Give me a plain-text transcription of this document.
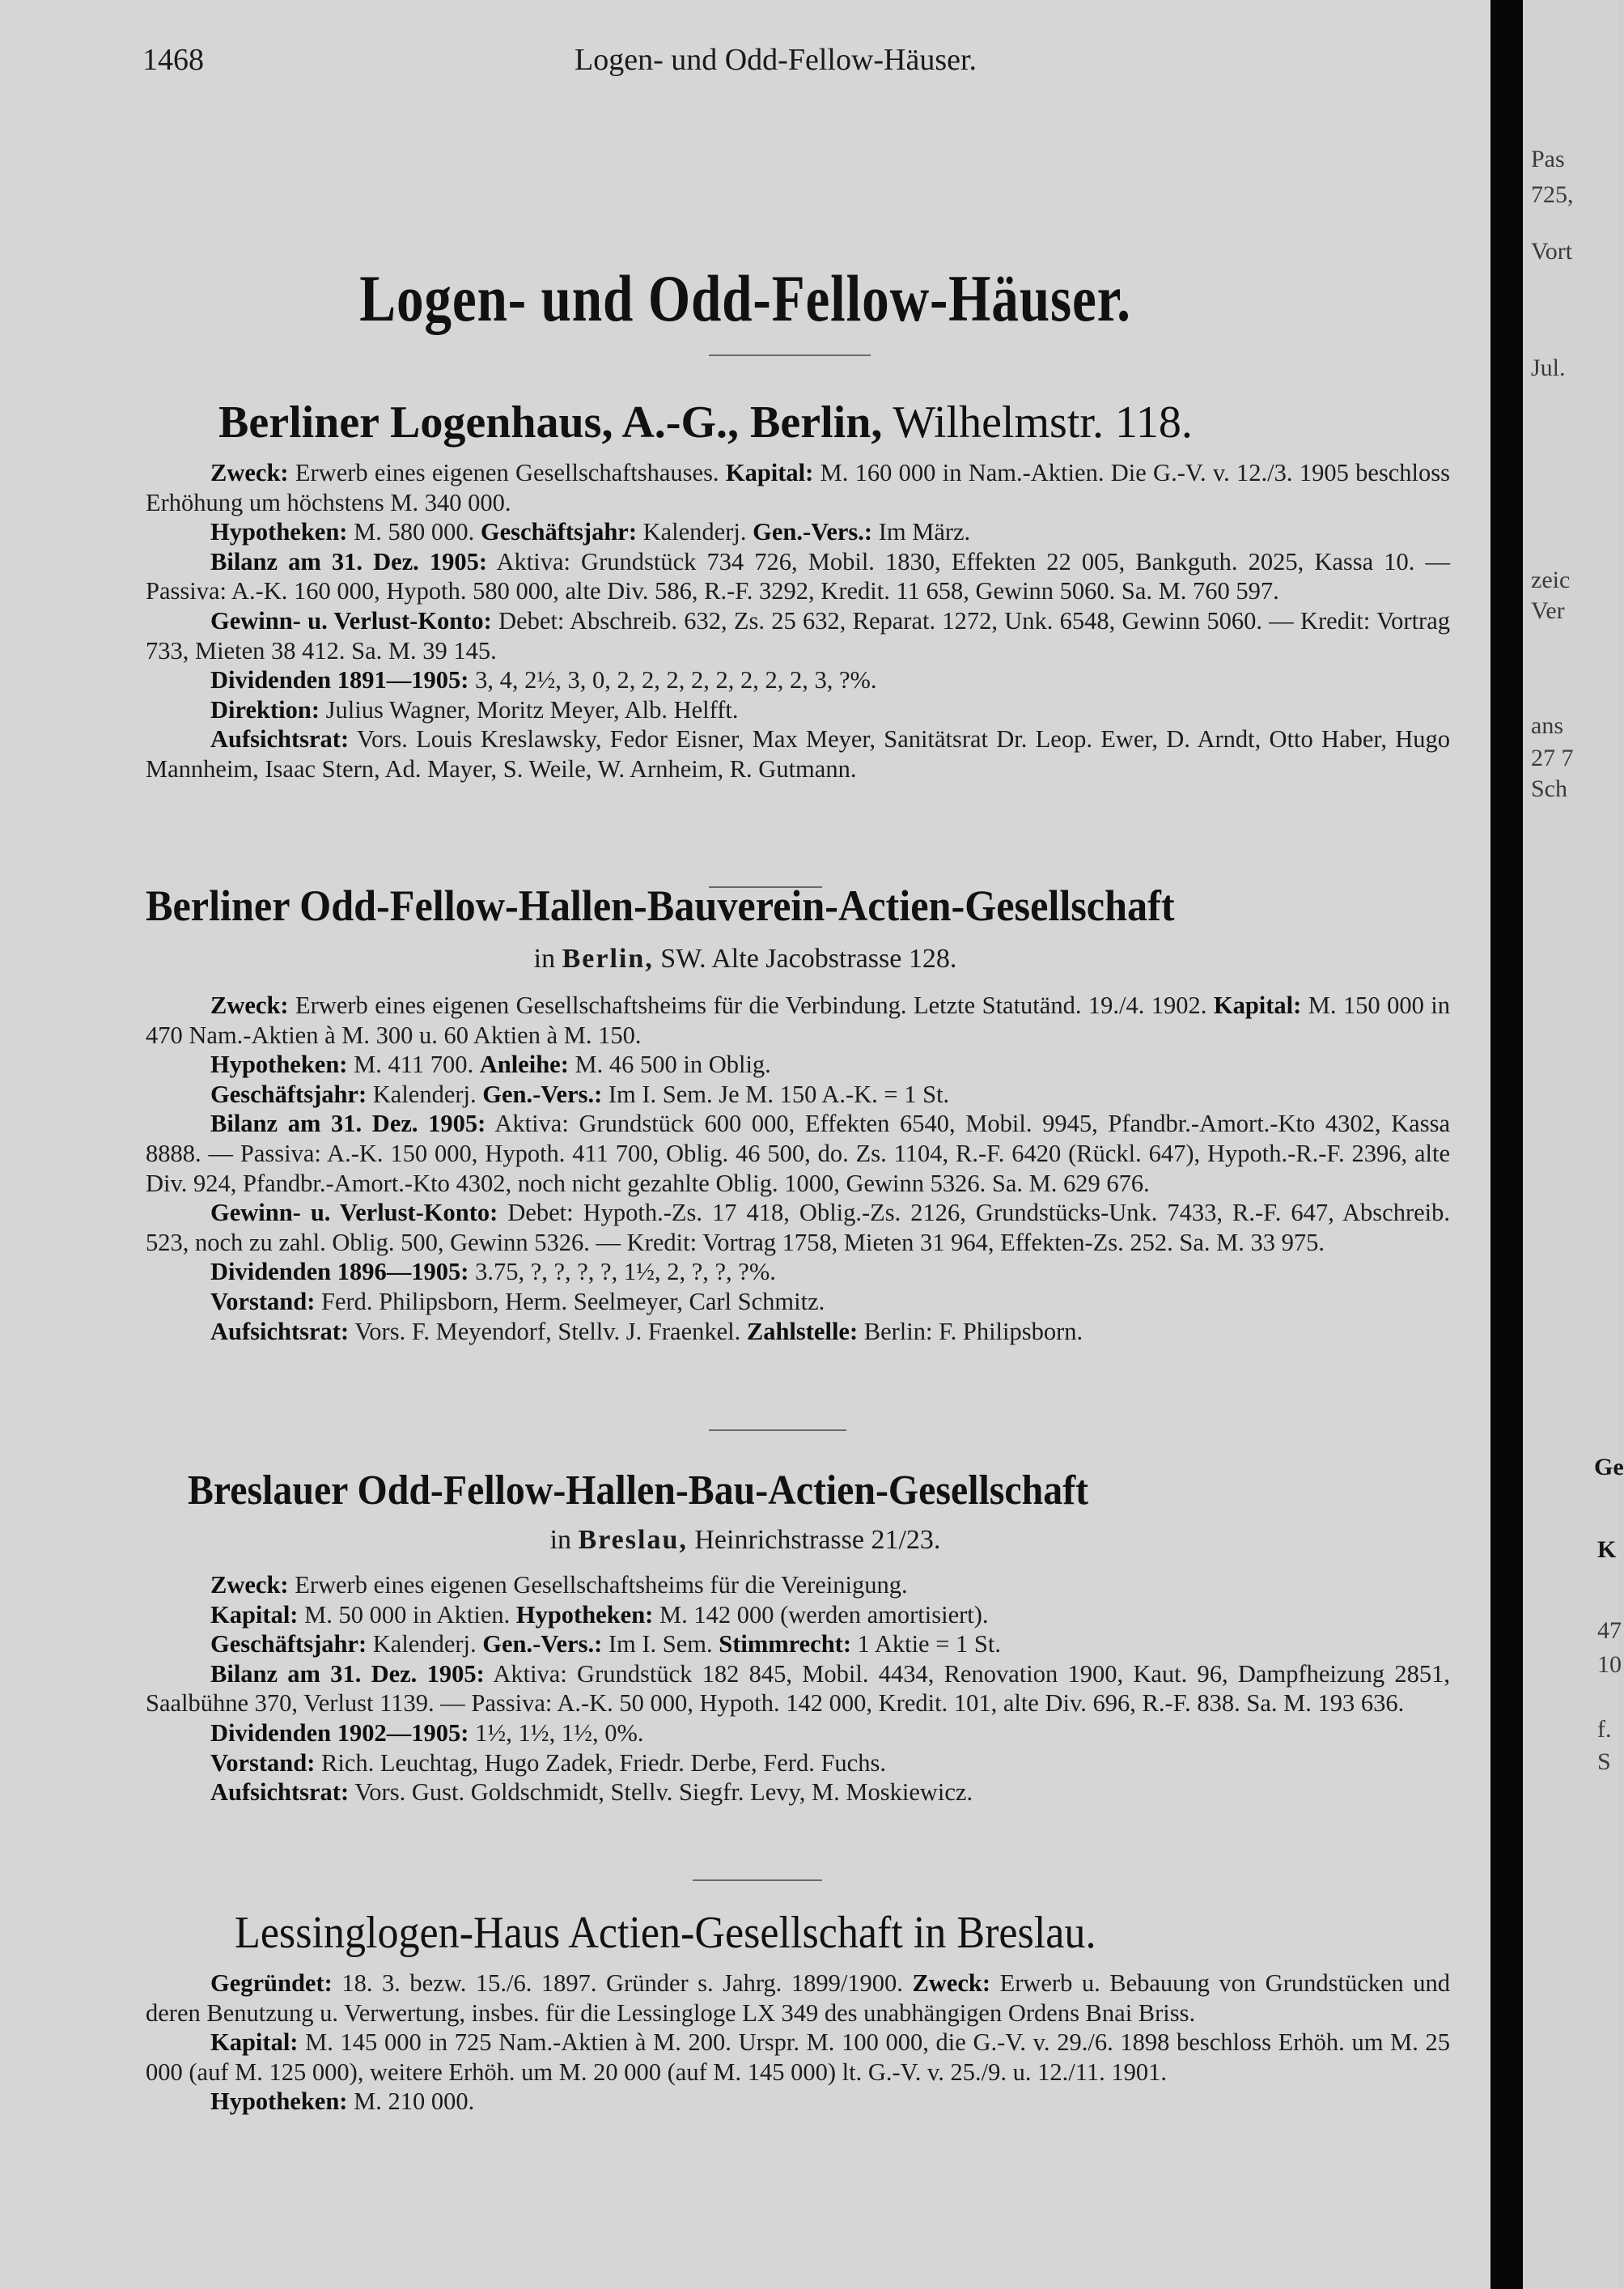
1468	Logen- und Odd-Fellow-Häuser.
Logen- und Odd-Fellow-Häuser.
Berliner Logenhaus, A.-G., Berlin, Wilhelmstr. 118.

Zweck: Erwerb eines eigenen Gesellschaftshauses. Kapital: M. 160 000 in Nam.-Aktien. Die G.-V. v. 12./3. 1905 beschloss Erhöhung um höchstens M. 340 000.

Hypotheken: M. 580 000. Geschäftsjahr: Kalenderj. Gen.-Vers.: Im März.

Bilanz am 31. Dez. 1905: Aktiva: Grundstück 734 726, Mobil. 1830, Effekten 22 005, Bankguth. 2025, Kassa 10. — Passiva: A.-K. 160 000, Hypoth. 580 000, alte Div. 586, R.-F. 3292, Kredit. 11 658, Gewinn 5060. Sa. M. 760 597.

Gewinn- u. Verlust-Konto: Debet: Abschreib. 632, Zs. 25 632, Reparat. 1272, Unk. 6548, Gewinn 5060. — Kredit: Vortrag 733, Mieten 38 412. Sa. M. 39 145.

Dividenden 1891—1905: 3, 4, 2½, 3, 0, 2, 2, 2, 2, 2, 2, 2, 2, 3, ?%.

Direktion: Julius Wagner, Moritz Meyer, Alb. Helfft.

Aufsichtsrat: Vors. Louis Kreslawsky, Fedor Eisner, Max Meyer, Sanitätsrat Dr. Leop. Ewer, D. Arndt, Otto Haber, Hugo Mannheim, Isaac Stern, Ad. Mayer, S. Weile, W. Arnheim, R. Gutmann.

Berliner Odd-Fellow-Hallen-Bauverein-Actien-Gesellschaft
in Berlin, SW. Alte Jacobstrasse 128.

Zweck: Erwerb eines eigenen Gesellschaftsheims für die Verbindung. Letzte Statutänd. 19./4. 1902. Kapital: M. 150 000 in 470 Nam.-Aktien à M. 300 u. 60 Aktien à M. 150.

Hypotheken: M. 411 700. Anleihe: M. 46 500 in Oblig.

Geschäftsjahr: Kalenderj. Gen.-Vers.: Im I. Sem. Je M. 150 A.-K. = 1 St.

Bilanz am 31. Dez. 1905: Aktiva: Grundstück 600 000, Effekten 6540, Mobil. 9945, Pfandbr.-Amort.-Kto 4302, Kassa 8888. — Passiva: A.-K. 150 000, Hypoth. 411 700, Oblig. 46 500, do. Zs. 1104, R.-F. 6420 (Rückl. 647), Hypoth.-R.-F. 2396, alte Div. 924, Pfandbr.-Amort.-Kto 4302, noch nicht gezahlte Oblig. 1000, Gewinn 5326. Sa. M. 629 676.

Gewinn- u. Verlust-Konto: Debet: Hypoth.-Zs. 17 418, Oblig.-Zs. 2126, Grundstücks-Unk. 7433, R.-F. 647, Abschreib. 523, noch zu zahl. Oblig. 500, Gewinn 5326. — Kredit: Vortrag 1758, Mieten 31 964, Effekten-Zs. 252. Sa. M. 33 975.

Dividenden 1896—1905: 3.75, ?, ?, ?, ?, 1½, 2, ?, ?, ?%.

Vorstand: Ferd. Philipsborn, Herm. Seelmeyer, Carl Schmitz.

Aufsichtsrat: Vors. F. Meyendorf, Stellv. J. Fraenkel. Zahlstelle: Berlin: F. Philipsborn.

Breslauer Odd-Fellow-Hallen-Bau-Actien-Gesellschaft
in Breslau, Heinrichstrasse 21/23.

Zweck: Erwerb eines eigenen Gesellschaftsheims für die Vereinigung.

Kapital: M. 50 000 in Aktien. Hypotheken: M. 142 000 (werden amortisiert).

Geschäftsjahr: Kalenderj. Gen.-Vers.: Im I. Sem. Stimmrecht: 1 Aktie = 1 St.

Bilanz am 31. Dez. 1905: Aktiva: Grundstück 182 845, Mobil. 4434, Renovation 1900, Kaut. 96, Dampfheizung 2851, Saalbühne 370, Verlust 1139. — Passiva: A.-K. 50 000, Hypoth. 142 000, Kredit. 101, alte Div. 696, R.-F. 838. Sa. M. 193 636.

Dividenden 1902—1905: 1½, 1½, 1½, 0%.

Vorstand: Rich. Leuchtag, Hugo Zadek, Friedr. Derbe, Ferd. Fuchs.

Aufsichtsrat: Vors. Gust. Goldschmidt, Stellv. Siegfr. Levy, M. Moskiewicz.

Lessinglogen-Haus Actien-Gesellschaft in Breslau.

Gegründet: 18. 3. bezw. 15./6. 1897. Gründer s. Jahrg. 1899/1900. Zweck: Erwerb u. Bebauung von Grundstücken und deren Benutzung u. Verwertung, insbes. für die Lessingloge LX 349 des unabhängigen Ordens Bnai Briss.

Kapital: M. 145 000 in 725 Nam.-Aktien à M. 200. Urspr. M. 100 000, die G.-V. v. 29./6. 1898 beschloss Erhöh. um M. 25 000 (auf M. 125 000), weitere Erhöh. um M. 20 000 (auf M. 145 000) lt. G.-V. v. 25./9. u. 12./11. 1901.

Hypotheken: M. 210 000.

Pas
725,
Vort
Jul.
zeic
Ver
ans
27 7
Sch
Ge
K
47
10
f.
S
